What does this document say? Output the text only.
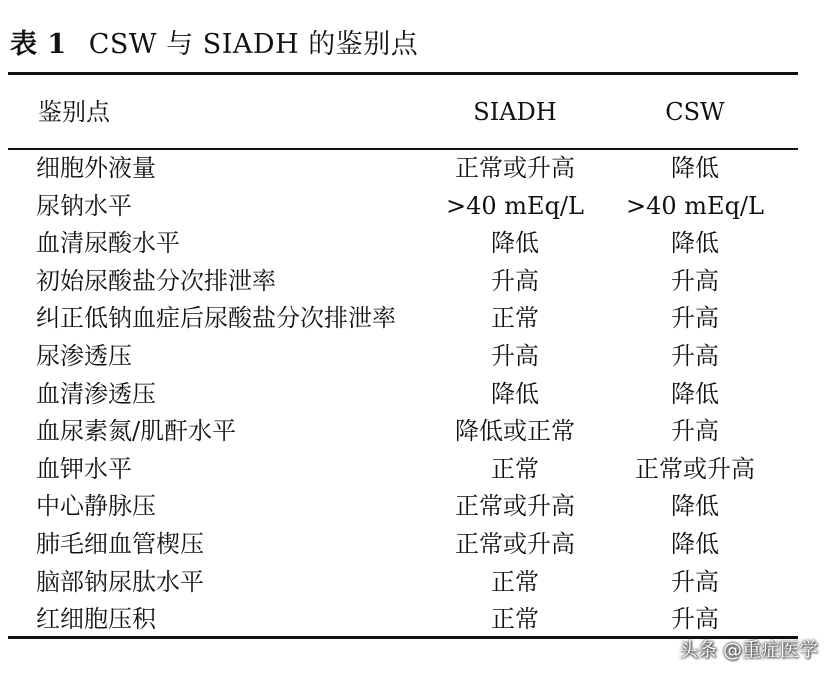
表 1 CSW 与 SIADH 的鉴别点
鉴别点	SIADH	CSW
细胞外液量	正常或升高	降低
尿钠水平	>40 mEq/L	>40 mEq/L
血清尿酸水平	降低	降低
初始尿酸盐分次排泄率	升高	升高
纠正低钠血症后尿酸盐分次排泄率	正常	升高
尿渗透压	升高	升高
血清渗透压	降低	降低
血尿素氮/肌酐水平	降低或正常	升高
血钾水平	正常	正常或升高
中心静脉压	正常或升高	降低
肺毛细血管楔压	正常或升高	降低
脑部钠尿肽水平	正常	升高
红细胞压积	正常	升高
头条 @重症医学
